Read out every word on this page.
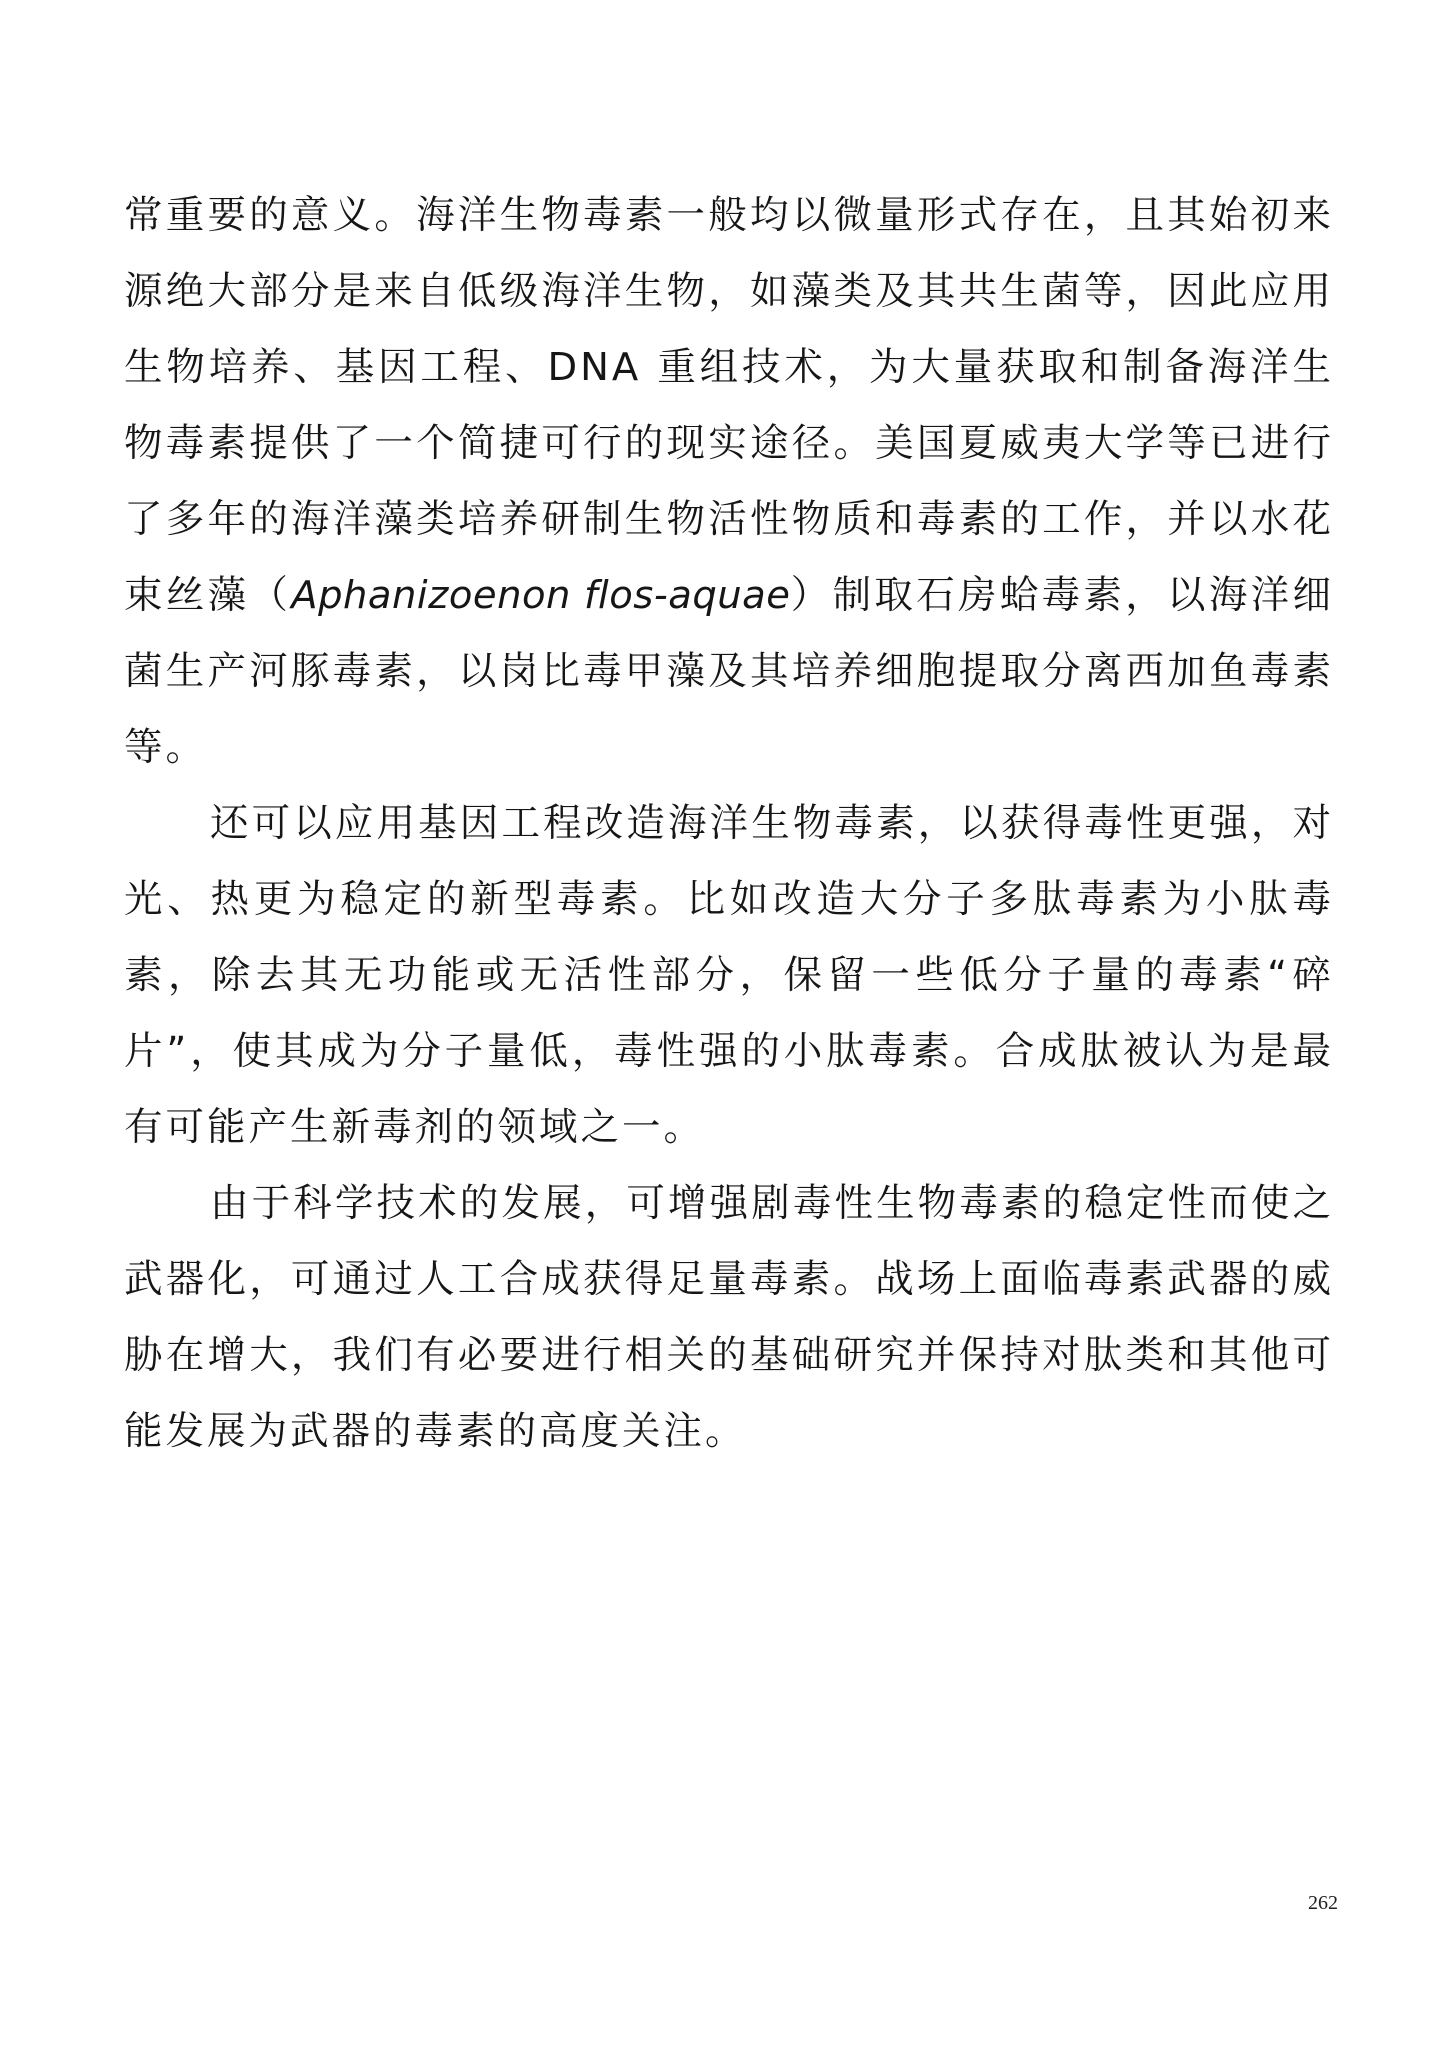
常重要的意义。海洋生物毒素一般均以微量形式存在，且其始初来源绝大部分是来自低级海洋生物，如藻类及其共生菌等，因此应用生物培养、基因工程、DNA 重组技术，为大量获取和制备海洋生物毒素提供了一个简捷可行的现实途径。美国夏威夷大学等已进行了多年的海洋藻类培养研制生物活性物质和毒素的工作，并以水花束丝藻（Aphanizoenon flos-aquae）制取石房蛤毒素，以海洋细菌生产河豚毒素，以岗比毒甲藻及其培养细胞提取分离西加鱼毒素等。

还可以应用基因工程改造海洋生物毒素，以获得毒性更强，对光、热更为稳定的新型毒素。比如改造大分子多肽毒素为小肽毒素，除去其无功能或无活性部分，保留一些低分子量的毒素“碎片”，使其成为分子量低，毒性强的小肽毒素。合成肽被认为是最有可能产生新毒剂的领域之一。

由于科学技术的发展，可增强剧毒性生物毒素的稳定性而使之武器化，可通过人工合成获得足量毒素。战场上面临毒素武器的威胁在增大，我们有必要进行相关的基础研究并保持对肽类和其他可能发展为武器的毒素的高度关注。

262
